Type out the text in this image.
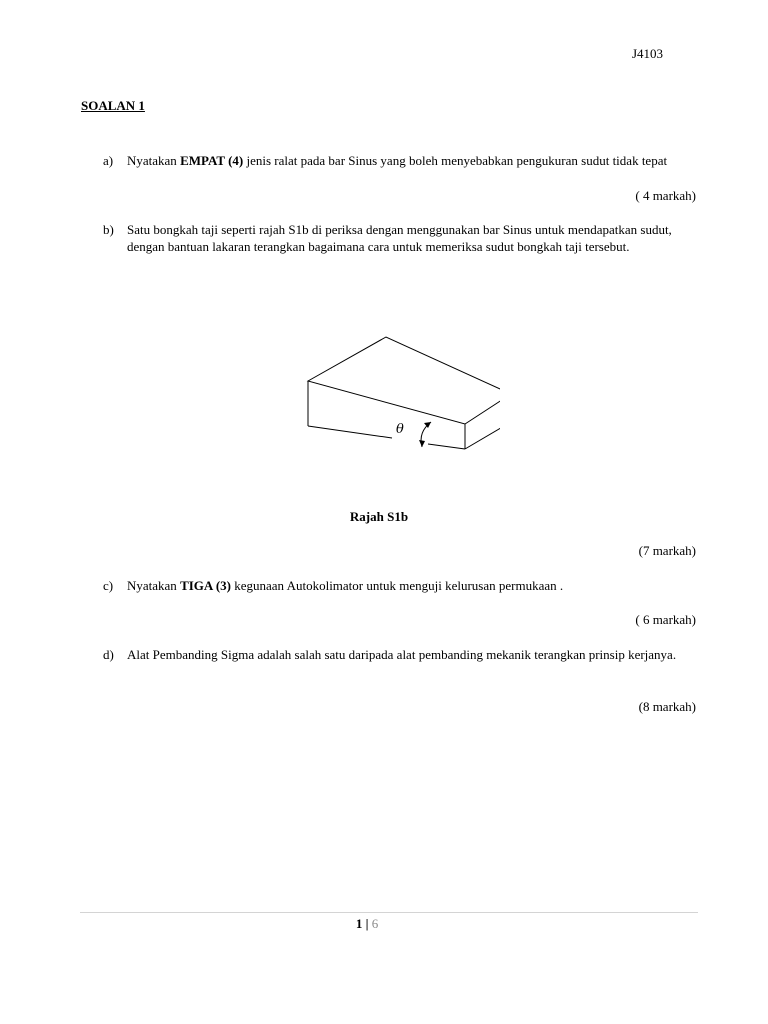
J4103
SOALAN 1
a) Nyatakan EMPAT (4) jenis ralat pada bar Sinus yang boleh menyebabkan pengukuran sudut tidak tepat
( 4 markah)
b) Satu bongkah taji seperti rajah S1b di periksa dengan menggunakan bar Sinus untuk mendapatkan sudut, dengan bantuan lakaran terangkan bagaimana cara untuk memeriksa sudut bongkah taji tersebut.
θ
Rajah S1b
(7 markah)
c) Nyatakan TIGA (3) kegunaan Autokolimator untuk menguji kelurusan permukaan .
( 6 markah)
d) Alat Pembanding Sigma adalah salah satu daripada alat pembanding mekanik terangkan prinsip kerjanya.
(8 markah)
1 | 6
